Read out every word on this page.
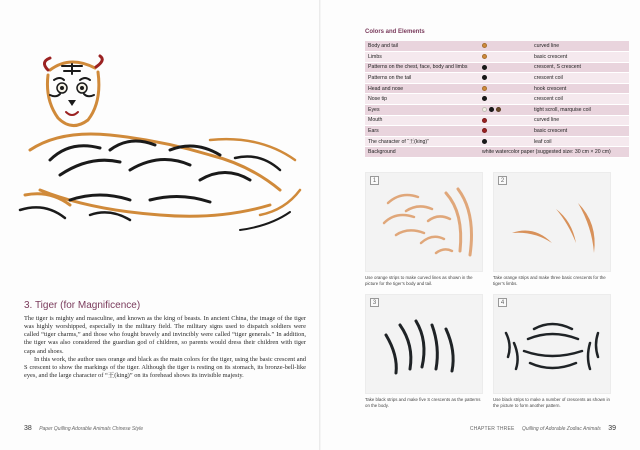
3. Tiger (for Magnificence)

The tiger is mighty and masculine, and known as the king of beasts. In ancient China, the image of the tiger was highly worshipped, especially in the military field. The military signs used to dispatch soldiers were called “tiger charms,” and those who fought bravely and invincibly were called “tiger generals.” In addition, the tiger was also considered the guardian god of children, so parents would dress their children with tiger caps and shoes.

In this work, the author uses orange and black as the main colors for the tiger, using the basic crescent and S crescent to show the markings of the tiger. Although the tiger is resting on its stomach, its bronze-bell-like eyes, and the large character of “王(king)” on its forehead shows its invisible majesty.

38 Paper Quilling Adorable Animals Chinese Style
Colors and Elements
Body and tail		curved line
Limbs		basic crescent
Patterns on the chest, face, body and limbs		crescent, S crescent
Patterns on the tail		crescent coil
Head and nose		hook crescent
Nose tip		crescent coil
Eyes		tight scroll, marquise coil
Mouth		curved line
Ears		basic crescent
The character of “王(king)”		leaf coil
Background	white watercolor paper (suggested size: 30 cm × 20 cm)	
1
Use orange strips to make curved lines as shown in the picture for the tiger’s body and tail.
2
Take orange strips and make three basic crescents for the tiger’s limbs.
3
Take black strips and make five S crescents as the patterns on the body.
4
Use black strips to make a number of crescents as shown in the picture to form another pattern.
CHAPTER THREE Quilling of Adorable Zodiac Animals 39
